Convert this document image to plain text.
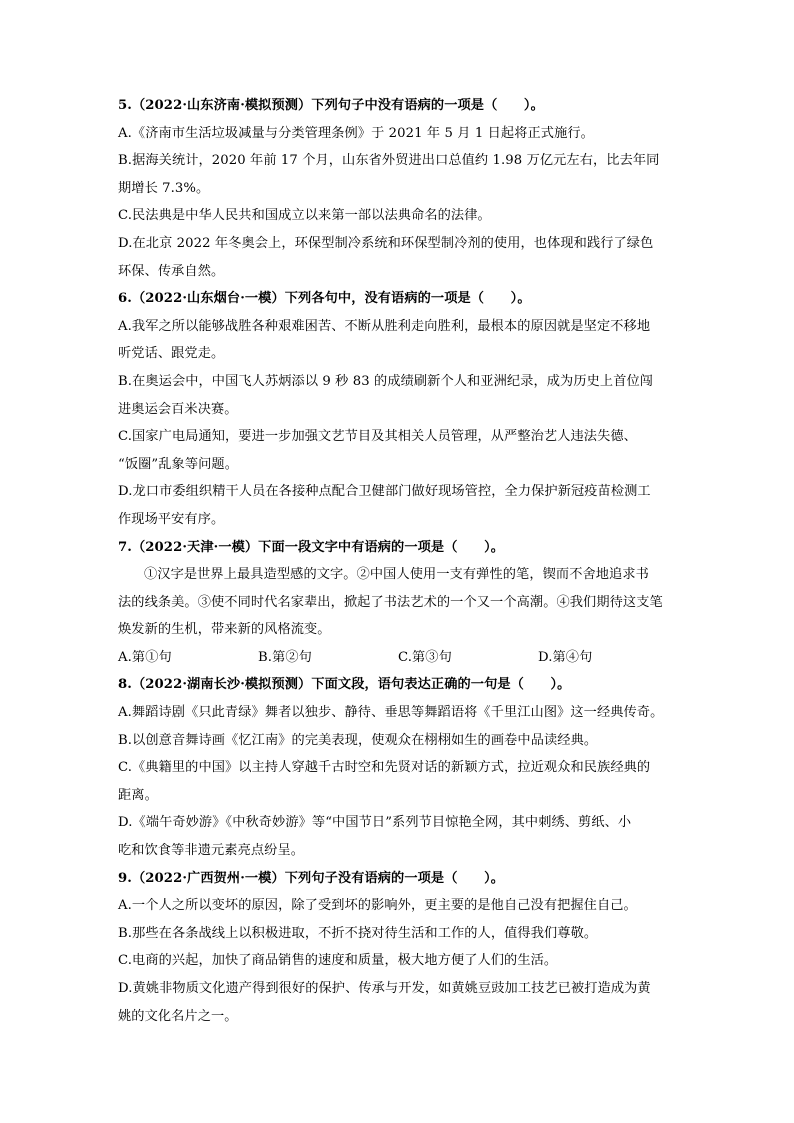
5.（2022·山东济南·模拟预测）下列句子中没有语病的一项是（　　）。
A.《济南市生活垃圾减量与分类管理条例》于 2021 年 5 月 1 日起将正式施行。
B.据海关统计，2020 年前 17 个月，山东省外贸进出口总值约 1.98 万亿元左右，比去年同
期增长 7.3%。
C.民法典是中华人民共和国成立以来第一部以法典命名的法律。
D.在北京 2022 年冬奥会上，环保型制冷系统和环保型制冷剂的使用，也体现和践行了绿色
环保、传承自然。
6.（2022·山东烟台·一模）下列各句中，没有语病的一项是（　　）。
A.我军之所以能够战胜各种艰难困苦、不断从胜利走向胜利，最根本的原因就是坚定不移地
听党话、跟党走。
B.在奥运会中，中国飞人苏炳添以 9 秒 83 的成绩刷新个人和亚洲纪录，成为历史上首位闯
进奥运会百米决赛。
C.国家广电局通知，要进一步加强文艺节目及其相关人员管理，从严整治艺人违法失德、
“饭圈”乱象等问题。
D.龙口市委组织精干人员在各接种点配合卫健部门做好现场管控，全力保护新冠疫苗检测工
作现场平安有序。
7.（2022·天津·一模）下面一段文字中有语病的一项是（　　）。
①汉字是世界上最具造型感的文字。②中国人使用一支有弹性的笔，锲而不舍地追求书
法的线条美。③使不同时代名家辈出，掀起了书法艺术的一个又一个高潮。④我们期待这支笔
焕发新的生机，带来新的风格流变。
A.第①句	B.第②句	C.第③句	D.第④句
8.（2022·湖南长沙·模拟预测）下面文段，语句表达正确的一句是（　　）。
A.舞蹈诗剧《只此青绿》舞者以独步、静待、垂思等舞蹈语将《千里江山图》这一经典传奇。
B.以创意音舞诗画《忆江南》的完美表现，使观众在栩栩如生的画卷中品读经典。
C.《典籍里的中国》以主持人穿越千古时空和先贤对话的新颖方式，拉近观众和民族经典的
距离。
D.《端午奇妙游》《中秋奇妙游》等“中国节日”系列节目惊艳全网，其中刺绣、剪纸、小
吃和饮食等非遗元素亮点纷呈。
9.（2022·广西贺州·一模）下列句子没有语病的一项是（　　）。
A.一个人之所以变坏的原因，除了受到坏的影响外，更主要的是他自己没有把握住自己。
B.那些在各条战线上以积极进取，不折不挠对待生活和工作的人，值得我们尊敬。
C.电商的兴起，加快了商品销售的速度和质量，极大地方便了人们的生活。
D.黄姚非物质文化遗产得到很好的保护、传承与开发，如黄姚豆豉加工技艺已被打造成为黄
姚的文化名片之一。
